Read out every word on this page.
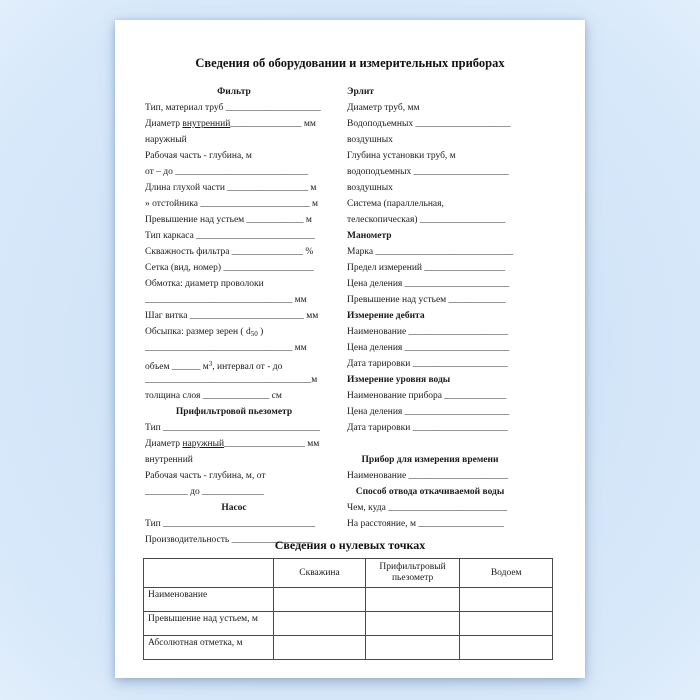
Сведения об оборудовании и измерительных приборах
Фильтр
Тип, материал труб ____________________
Диаметр внутренний_______________ мм
наружный
Рабочая часть - глубина, м
от – до ____________________________
Длина глухой части _________________ м
» отстойника _______________________ м
Превышение над устьем ____________ м
Тип каркаса _________________________
Скважность фильтра _______________ %
Сетка (вид, номер) ___________________
Обмотка: диаметр проволоки
_______________________________ мм
Шаг витка ________________________ мм
Обсыпка: размер зерен ( $d_{50}$ )
_______________________________ мм
объем ______ $м^3$, интервал от - до
___________________________________м
толщина слоя ______________ см
Прифильтровой пьезометр
Тип _________________________________
Диаметр наружный_________________ мм
внутренний
Рабочая часть - глубина, м, от
_________ до _____________
Насос
Тип ________________________________
Производительность _________________
Эрлит
Диаметр труб, мм
Водоподъемных ____________________
воздушных
Глубина установки труб, м
водоподъемных ____________________
воздушных
Система (параллельная,
телескопическая) __________________
Манометр
Марка _____________________________
Предел измерений _________________
Цена деления ______________________
Превышение над устьем ____________
Измерение дебита
Наименование _____________________
Цена деления ______________________
Дата тарировки ____________________
Измерение уровня воды
Наименование прибора _____________
Цена деления ______________________
Дата тарировки ____________________
Прибор для измерения времени
Наименование _____________________
Способ отвода откачиваемой воды
Чем, куда _________________________
На расстояние, м __________________
Сведения о нулевых точках
	Скважина	Прифильтровый пьезометр	Водоем
Наименование			
Превышение над устьем, м			
Абсолютная отметка, м			
